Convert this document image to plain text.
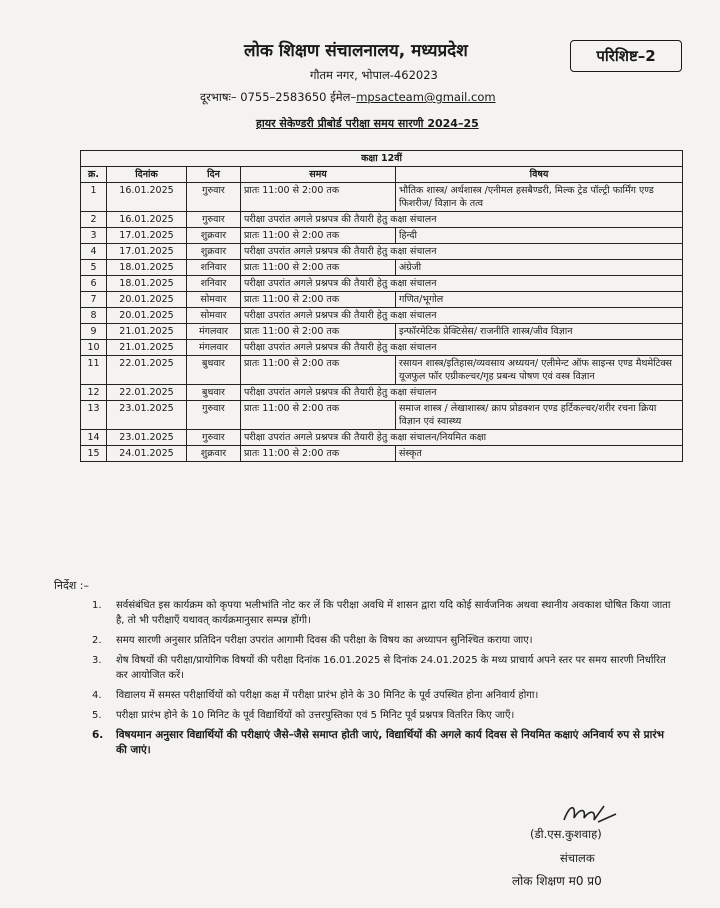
लोक शिक्षण संचालनालय, मध्यप्रदेश
गौतम नगर, भोपाल-462023
दूरभाषः– 0755–2583650 ईमेल–mpsacteam@gmail.com
परिशिष्ट–2
हायर सेकेण्डरी प्रीबोर्ड परीक्षा समय सारणी 2024–25
कक्षा 12वीं				
क्र.	दिनांक	दिन	समय	विषय
1	16.01.2025	गुरुवार	प्रातः 11:00 से 2:00 तक	भौतिक शास्त्र/ अर्थशास्त्र /एनीमल हसबैण्डरी, मिल्क ट्रेड पॉल्ट्री फार्मिंग एण्ड फिशरीज/ विज्ञान के तत्व
2	16.01.2025	गुरुवार	परीक्षा उपरांत अगले प्रश्नपत्र की तैयारी हेतु कक्षा संचालन	
3	17.01.2025	शुक्रवार	प्रातः 11:00 से 2:00 तक	हिन्दी
4	17.01.2025	शुक्रवार	परीक्षा उपरांत अगले प्रश्नपत्र की तैयारी हेतु कक्षा संचालन	
5	18.01.2025	शनिवार	प्रातः 11:00 से 2:00 तक	अंग्रेजी
6	18.01.2025	शनिवार	परीक्षा उपरांत अगले प्रश्नपत्र की तैयारी हेतु कक्षा संचालन	
7	20.01.2025	सोमवार	प्रातः 11:00 से 2:00 तक	गणित/भूगोल
8	20.01.2025	सोमवार	परीक्षा उपरांत अगले प्रश्नपत्र की तैयारी हेतु कक्षा संचालन	
9	21.01.2025	मंगलवार	प्रातः 11:00 से 2:00 तक	इन्फॉरमेटिक प्रेक्टिसेस/ राजनीति शास्त्र/जीव विज्ञान
10	21.01.2025	मंगलवार	परीक्षा उपरांत अगले प्रश्नपत्र की तैयारी हेतु कक्षा संचालन	
11	22.01.2025	बुधवार	प्रातः 11:00 से 2:00 तक	रसायन शास्त्र/इतिहास/व्यवसाय अध्ययन/ एलीमेन्ट ऑफ साइन्स एण्ड मैथमेटिक्स यूजफुल फॉर एग्रीकल्चर/गृह प्रबन्ध पोषण एवं वस्त्र विज्ञान
12	22.01.2025	बुधवार	परीक्षा उपरांत अगले प्रश्नपत्र की तैयारी हेतु कक्षा संचालन	
13	23.01.2025	गुरुवार	प्रातः 11:00 से 2:00 तक	समाज शास्त्र / लेखाशास्त्र/ क्राप प्रोडक्शन एण्ड हर्टिकल्चर/शरीर रचना क्रिया विज्ञान एवं स्वास्थ्य
14	23.01.2025	गुरुवार	परीक्षा उपरांत अगले प्रश्नपत्र की तैयारी हेतु कक्षा संचालन/नियमित कक्षा	
15	24.01.2025	शुक्रवार	प्रातः 11:00 से 2:00 तक	संस्कृत
निर्देश :–
1. सर्वसंबंधित इस कार्यक्रम को कृपया भलीभांति नोट कर लें कि परीक्षा अवधि में शासन द्वारा यदि कोई सार्वजनिक अथवा स्थानीय अवकाश घोषित किया जाता है, तो भी परीक्षाएँ यथावत् कार्यक्रमानुसार सम्पन्न होंगी।
2. समय सारणी अनुसार प्रतिदिन परीक्षा उपरांत आगामी दिवस की परीक्षा के विषय का अध्यापन सुनिश्चित कराया जाए।
3. शेष विषयों की परीक्षा/प्रायोगिक विषयों की परीक्षा दिनांक 16.01.2025 से दिनांक 24.01.2025 के मध्य प्राचार्य अपने स्तर पर समय सारणी निर्धारित कर आयोजित करें।
4. विद्यालय में समस्त परीक्षार्थियों को परीक्षा कक्ष में परीक्षा प्रारंभ होने के 30 मिनिट के पूर्व उपस्थित होना अनिवार्य होगा।
5. परीक्षा प्रारंभ होने के 10 मिनिट के पूर्व विद्यार्थियों को उत्तरपुस्तिका एवं 5 मिनिट पूर्व प्रश्नपत्र वितरित किए जाएँ।
6. विषयमान अनुसार विद्यार्थियों की परीक्षाएं जैसे–जैसे समाप्त होती जाएं, विद्यार्थियों की अगले कार्य दिवस से नियमित कक्षाएं अनिवार्य रुप से प्रारंभ की जाएं।
(डी.एस.कुशवाह)
संचालक
लोक शिक्षण म0 प्र0
